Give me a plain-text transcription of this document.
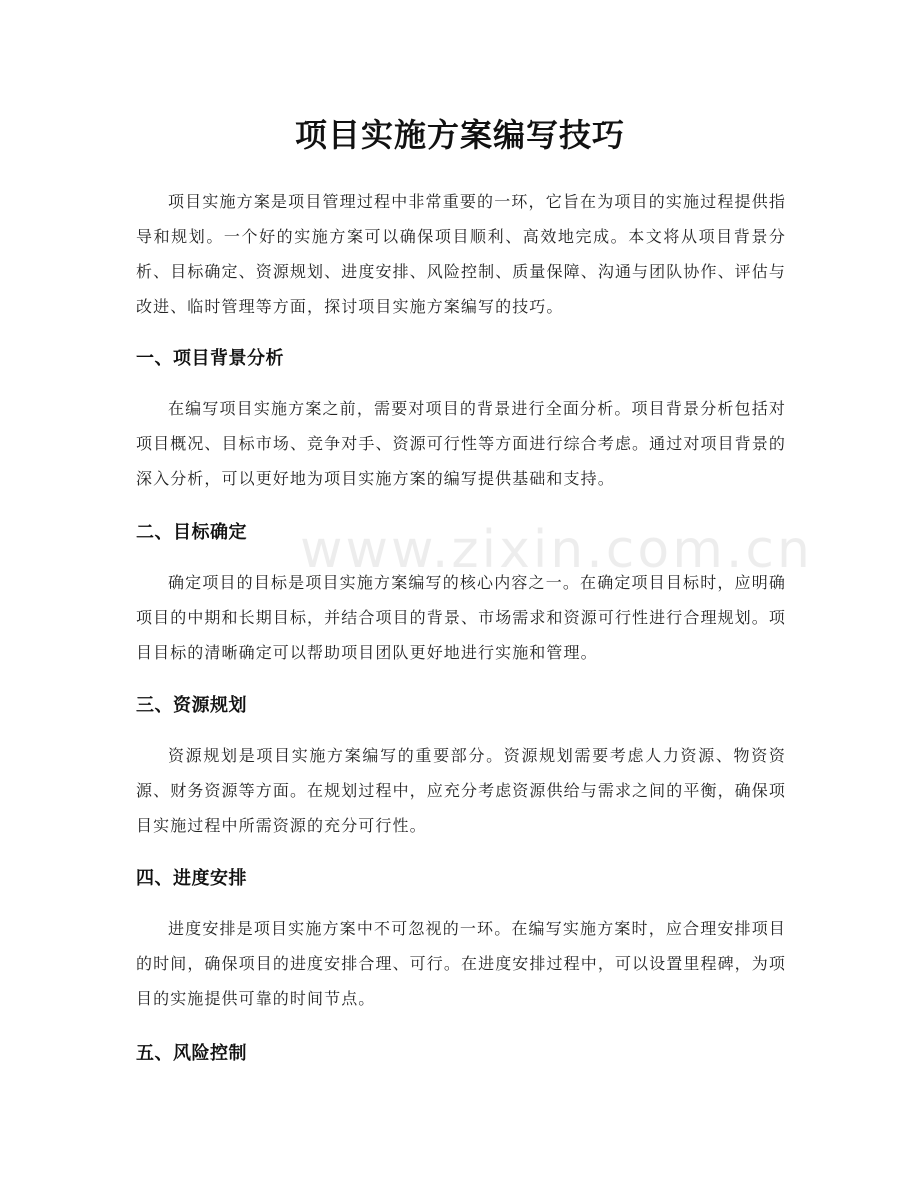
项目实施方案编写技巧

项目实施方案是项目管理过程中非常重要的一环，它旨在为项目的实施过程提供指导和规划。一个好的实施方案可以确保项目顺利、高效地完成。本文将从项目背景分析、目标确定、资源规划、进度安排、风险控制、质量保障、沟通与团队协作、评估与改进、临时管理等方面，探讨项目实施方案编写的技巧。

一、项目背景分析

在编写项目实施方案之前，需要对项目的背景进行全面分析。项目背景分析包括对项目概况、目标市场、竞争对手、资源可行性等方面进行综合考虑。通过对项目背景的深入分析，可以更好地为项目实施方案的编写提供基础和支持。

二、目标确定

确定项目的目标是项目实施方案编写的核心内容之一。在确定项目目标时，应明确项目的中期和长期目标，并结合项目的背景、市场需求和资源可行性进行合理规划。项目目标的清晰确定可以帮助项目团队更好地进行实施和管理。

三、资源规划

资源规划是项目实施方案编写的重要部分。资源规划需要考虑人力资源、物资资源、财务资源等方面。在规划过程中，应充分考虑资源供给与需求之间的平衡，确保项目实施过程中所需资源的充分可行性。

四、进度安排

进度安排是项目实施方案中不可忽视的一环。在编写实施方案时，应合理安排项目的时间，确保项目的进度安排合理、可行。在进度安排过程中，可以设置里程碑，为项目的实施提供可靠的时间节点。

五、风险控制
www.zixin.com.cn
